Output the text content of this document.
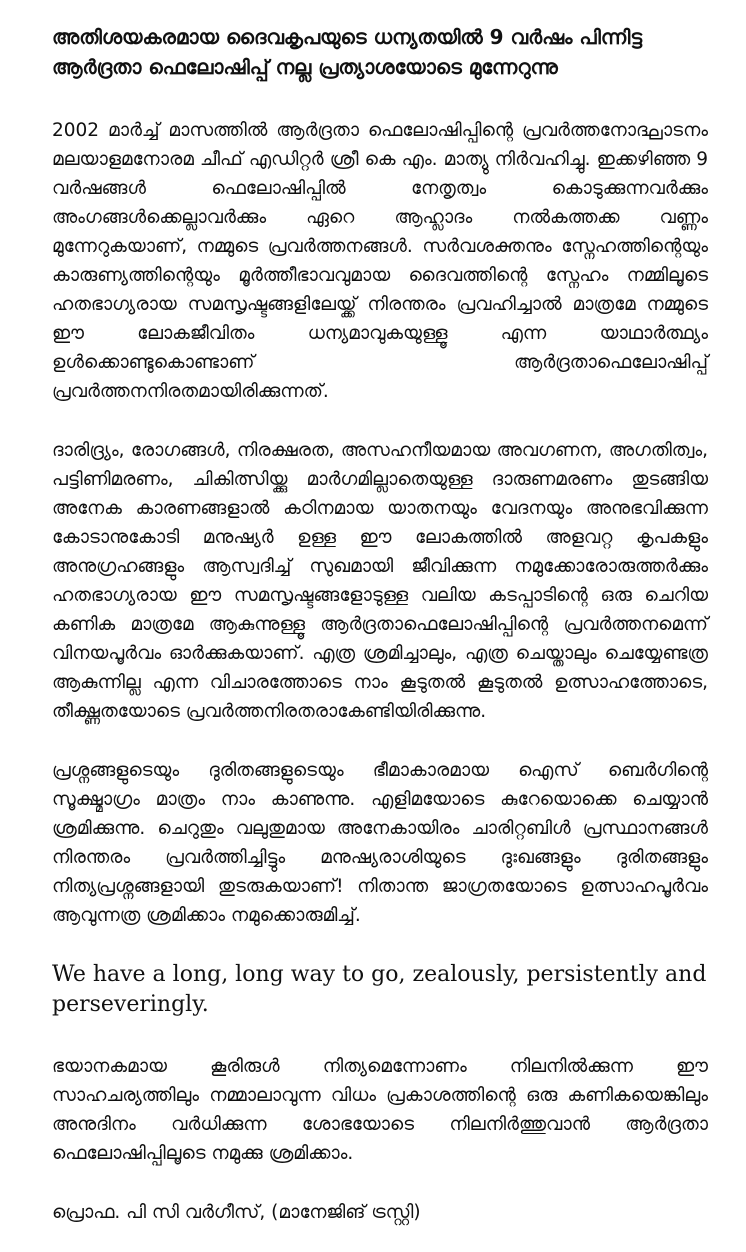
അതിശയകരമായ ദൈവകൃപയുടെ ധന്യതയിൽ 9 വർഷം പിന്നിട്ട ആർദ്രതാ ഫെലോഷിപ്പ് നല്ല പ്രത്യാശയോടെ മുന്നേറുന്നു
2002 മാർച്ച് മാസത്തിൽ ആർദ്രതാ ഫെലോഷിപ്പിന്റെ പ്രവർത്തനോദ്ഘാടനം മലയാളമനോരമ ചീഫ് എഡിറ്റർ ശ്രീ കെ എം. മാത്യു നിർവഹിച്ചു. ഇക്കഴിഞ്ഞ 9 വർഷങ്ങൾ ഫെലോഷിപ്പിൽ നേതൃത്വം കൊടുക്കുന്നവർക്കും അംഗങ്ങൾക്കെല്ലാവർക്കും ഏറെ ആഹ്ലാദം നൽകത്തക്ക വണ്ണം മുന്നേറുകയാണ്, നമ്മുടെ പ്രവർത്തനങ്ങൾ. സർവശക്തനും സ്നേഹത്തിന്റെയും കാരുണ്യത്തിന്റെയും മൂർത്തീഭാവവുമായ ദൈവത്തിന്റെ സ്നേഹം നമ്മിലൂടെ ഹതഭാഗ്യരായ സമസൃഷ്ടങ്ങളിലേയ്ക്ക് നിരന്തരം പ്രവഹിച്ചാൽ മാത്രമേ നമ്മുടെ ഈ ലോകജീവിതം ധന്യമാവുകയുള്ളൂ എന്ന യാഥാർത്ഥ്യം ഉൾക്കൊണ്ടുകൊണ്ടാണ് ആർദ്രതാഫെലോഷിപ്പ് പ്രവർത്തനനിരതമായിരിക്കുന്നത്.
ദാരിദ്ര്യം, രോഗങ്ങൾ, നിരക്ഷരത, അസഹനീയമായ അവഗണന, അഗതിത്വം, പട്ടിണിമരണം, ചികിത്സിയ്ക്കു മാർഗമില്ലാതെയുള്ള ദാരുണമരണം തുടങ്ങിയ അനേക കാരണങ്ങളാൽ കഠിനമായ യാതനയും വേദനയും അനുഭവിക്കുന്ന കോടാനുകോടി മനുഷ്യർ ഉള്ള ഈ ലോകത്തിൽ അളവറ്റ കൃപകളും അനുഗ്രഹങ്ങളും ആസ്വദിച്ച് സുഖമായി ജീവിക്കുന്ന നമുക്കോരോരുത്തർക്കും ഹതഭാഗ്യരായ ഈ സമസൃഷ്ടങ്ങളോടുള്ള വലിയ കടപ്പാടിന്റെ ഒരു ചെറിയ കണിക മാത്രമേ ആകുന്നുള്ളൂ ആർദ്രതാഫെലോഷിപ്പിന്റെ പ്രവർത്തനമെന്ന് വിനയപൂർവം ഓർക്കുകയാണ്. എത്ര ശ്രമിച്ചാലും, എത്ര ചെയ്താലും ചെയ്യേണ്ടത്ര ആകുന്നില്ല എന്ന വിചാരത്തോടെ നാം കൂടുതൽ കൂടുതൽ ഉത്സാഹത്തോടെ, തീക്ഷ്ണതയോടെ പ്രവർത്തനിരതരാകേണ്ടിയിരിക്കുന്നു.
പ്രശ്നങ്ങളുടെയും ദുരിതങ്ങളുടെയും ഭീമാകാരമായ ഐസ് ബെർഗിന്റെ സൂക്ഷ്മാഗ്രം മാത്രം നാം കാണുന്നു. എളിമയോടെ കുറേയൊക്കെ ചെയ്യാൻ ശ്രമിക്കുന്നു. ചെറുതും വലുതുമായ അനേകായിരം ചാരിറ്റബിൾ പ്രസ്ഥാനങ്ങൾ നിരന്തരം പ്രവർത്തിച്ചിട്ടും മനുഷ്യരാശിയുടെ ദുഃഖങ്ങളും ദുരിതങ്ങളും നിത്യപ്രശ്നങ്ങളായി തുടരുകയാണ്! നിതാന്ത ജാഗ്രതയോടെ ഉത്സാഹപൂർവം ആവുന്നത്ര ശ്രമിക്കാം നമുക്കൊരുമിച്ച്.
We have a long, long way to go, zealously, persistently and perseveringly.
ഭയാനകമായ കൂരിരുൾ നിത്യമെന്നോണം നിലനിൽക്കുന്ന ഈ സാഹചര്യത്തിലും നമ്മാലാവുന്ന വിധം പ്രകാശത്തിന്റെ ഒരു കണികയെങ്കിലും അനുദിനം വർധിക്കുന്ന ശോഭയോടെ നിലനിർത്തുവാൻ ആർദ്രതാ ഫെലോഷിപ്പിലൂടെ നമുക്കു ശ്രമിക്കാം.
പ്രൊഫ. പി സി വർഗീസ്, (മാനേജിങ് ട്രസ്റ്റി)
